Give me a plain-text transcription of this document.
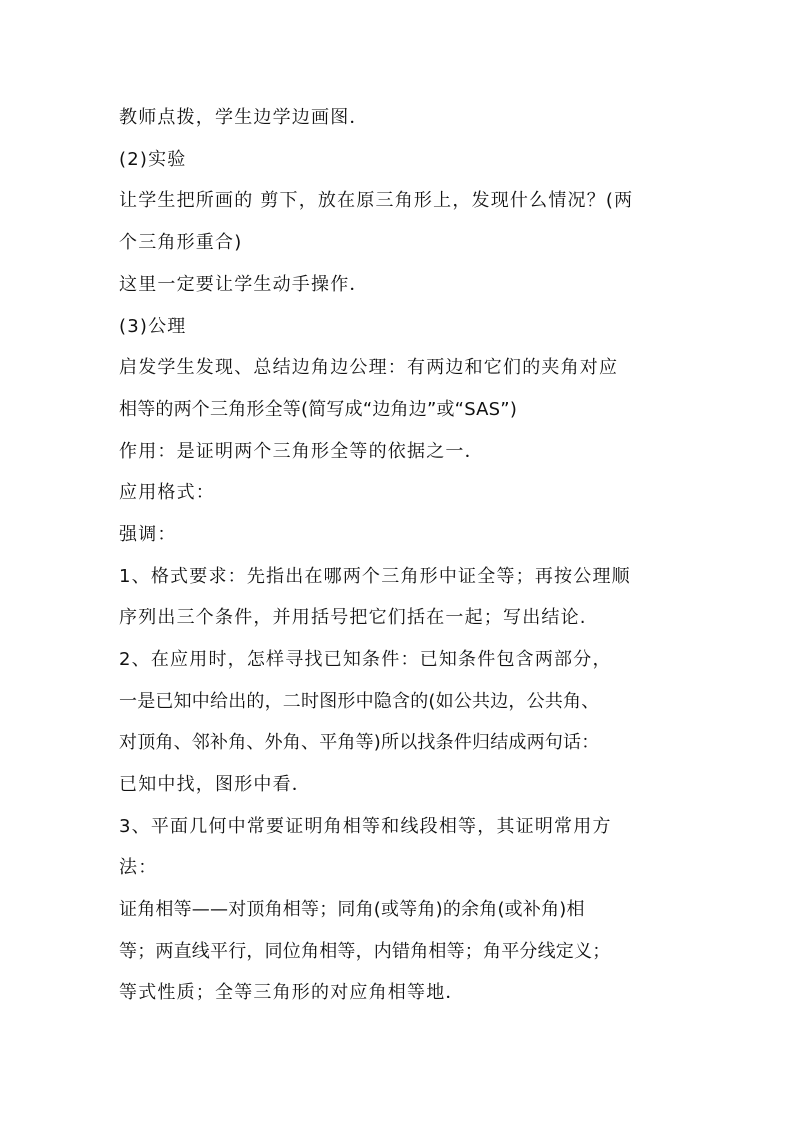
教师点拨，学生边学边画图．
(2)实验
让学生把所画的 剪下，放在原三角形上，发现什么情况？(两
个三角形重合)
这里一定要让学生动手操作．
(3)公理
启发学生发现、总结边角边公理：有两边和它们的夹角对应
相等的两个三角形全等(简写成“边角边”或“SAS”)
作用：是证明两个三角形全等的依据之一．
应用格式：
强调：
1、格式要求：先指出在哪两个三角形中证全等；再按公理顺
序列出三个条件，并用括号把它们括在一起；写出结论.
2、在应用时，怎样寻找已知条件：已知条件包含两部分，
一是已知中给出的，二时图形中隐含的(如公共边，公共角、
对顶角、邻补角、外角、平角等)所以找条件归结成两句话：
已知中找，图形中看．
3、平面几何中常要证明角相等和线段相等，其证明常用方
法：
证角相等——对顶角相等；同角(或等角)的余角(或补角)相
等；两直线平行，同位角相等，内错角相等；角平分线定义；
等式性质；全等三角形的对应角相等地．
